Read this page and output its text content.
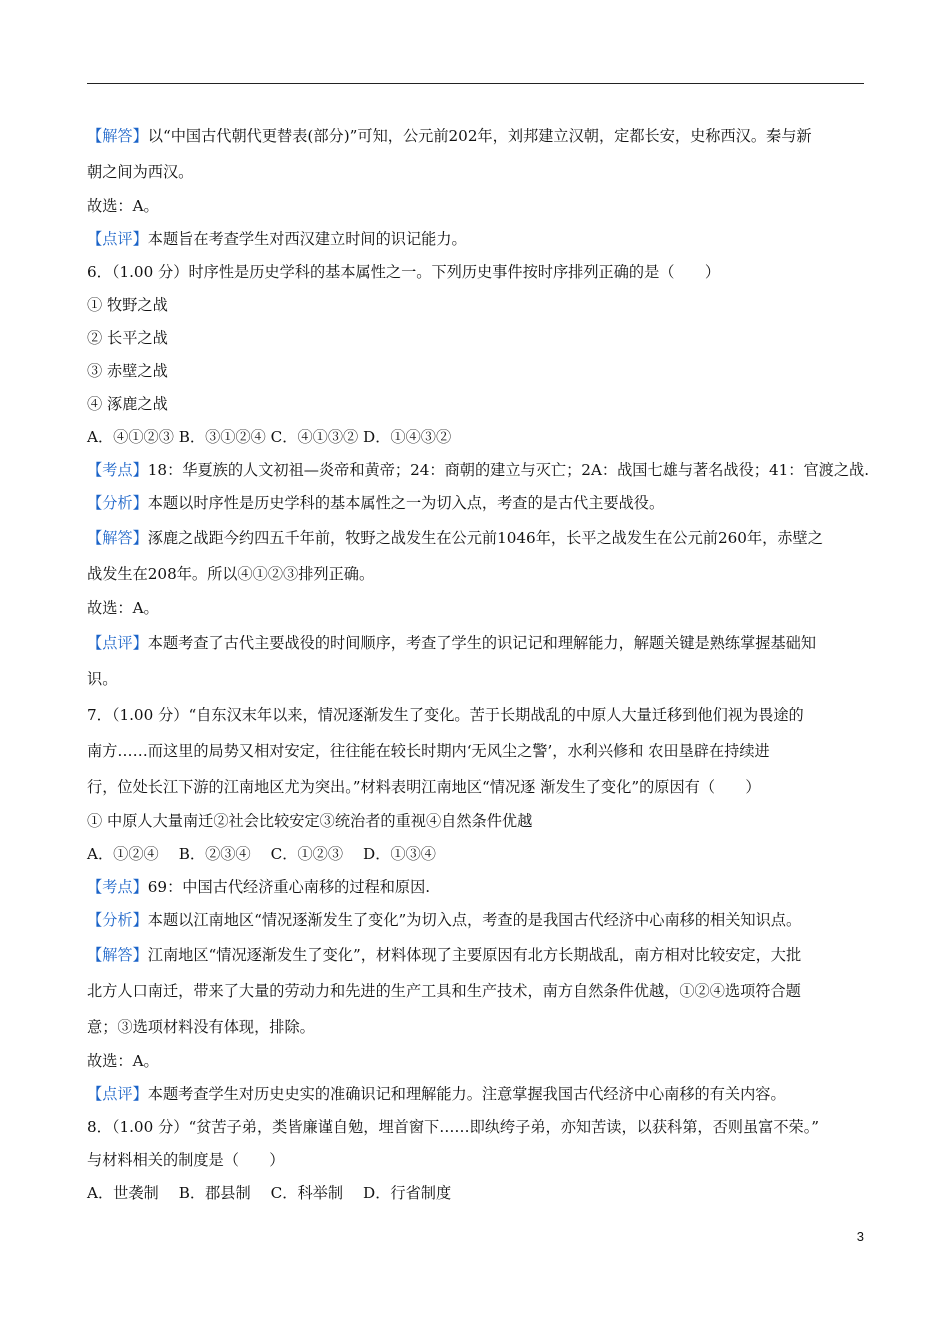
【解答】以“中国古代朝代更替表(部分)”可知，公元前202年，刘邦建立汉朝，定都长安，史称西汉。秦与新

朝之间为西汉。

故选：A。

【点评】本题旨在考查学生对西汉建立时间的识记能力。

6．（1.00 分）时序性是历史学科的基本属性之一。下列历史事件按时序排列正确的是（　　）

① 牧野之战

② 长平之战

③ 赤壁之战

④ 涿鹿之战

A．④①②③ B．③①②④ C．④①③② D．①④③②

【考点】18：华夏族的人文初祖—炎帝和黄帝；24：商朝的建立与灭亡；2A：战国七雄与著名战役；41：官渡之战.

【分析】本题以时序性是历史学科的基本属性之一为切入点，考查的是古代主要战役。

【解答】涿鹿之战距今约四五千年前，牧野之战发生在公元前1046年，长平之战发生在公元前260年，赤壁之

战发生在208年。所以④①②③排列正确。

故选：A。

【点评】本题考查了古代主要战役的时间顺序，考查了学生的识记记和理解能力，解题关键是熟练掌握基础知

识。

7．（1.00 分）“自东汉末年以来，情况逐渐发生了变化。苦于长期战乱的中原人大量迁移到他们视为畏途的

南方……而这里的局势又相对安定，往往能在较长时期内‘无风尘之警’，水利兴修和 农田垦辟在持续进

行，位处长江下游的江南地区尤为突出。”材料表明江南地区“情况逐 渐发生了变化”的原因有（　　）

① 中原人大量南迁②社会比较安定③统治者的重视④自然条件优越

A．①②④　 B．②③④　 C．①②③　 D．①③④

【考点】69：中国古代经济重心南移的过程和原因.

【分析】本题以江南地区“情况逐渐发生了变化”为切入点，考查的是我国古代经济中心南移的相关知识点。

【解答】江南地区“情况逐渐发生了变化”，材料体现了主要原因有北方长期战乱，南方相对比较安定，大批

北方人口南迁，带来了大量的劳动力和先进的生产工具和生产技术，南方自然条件优越，①②④选项符合题

意；③选项材料没有体现，排除。

故选：A。

【点评】本题考查学生对历史史实的准确识记和理解能力。注意掌握我国古代经济中心南移的有关内容。

8．（1.00 分）“贫苦子弟，类皆廉谨自勉，埋首窗下……即纨绔子弟，亦知苦读，以获科第，否则虽富不荣。”

与材料相关的制度是（　　）

A．世袭制　 B．郡县制　 C．科举制　 D．行省制度

3
